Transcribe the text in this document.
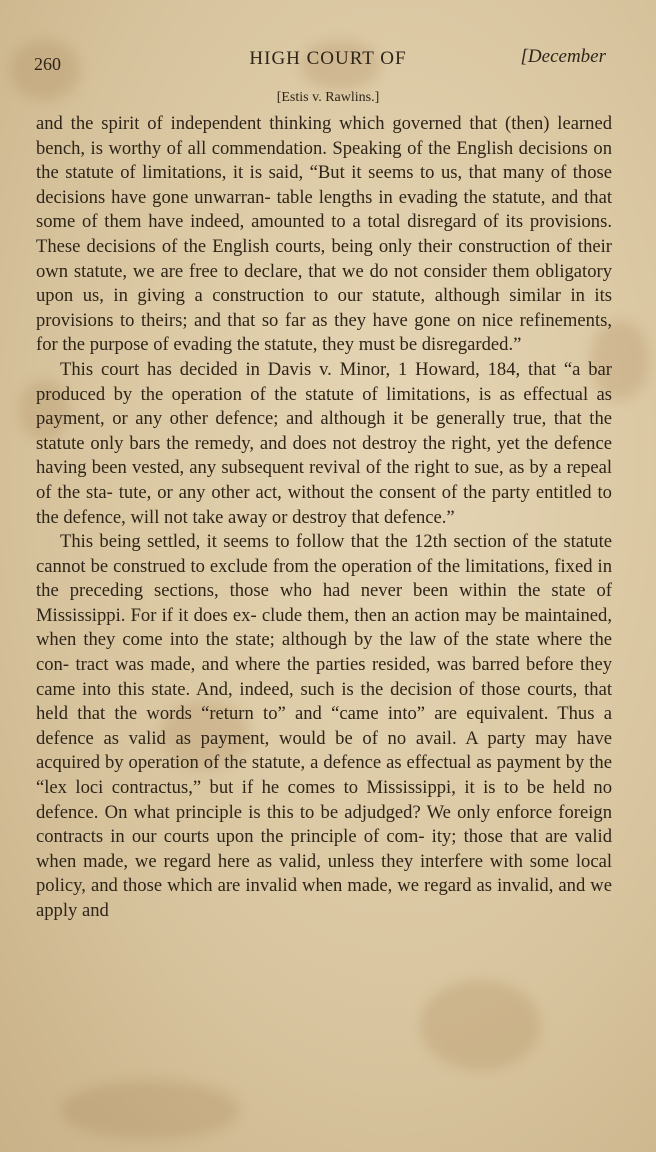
260	HIGH COURT OF	[December
[Estis v. Rawlins.]

and the spirit of independent thinking which governed that (then) learned bench, is worthy of all commendation. Speaking of the English decisions on the statute of limitations, it is said, “But it seems to us, that many of those decisions have gone unwarran- table lengths in evading the statute, and that some of them have indeed, amounted to a total disregard of its provisions. These decisions of the English courts, being only their construction of their own statute, we are free to declare, that we do not consider them obligatory upon us, in giving a construction to our statute, although similar in its provisions to theirs; and that so far as they have gone on nice refinements, for the purpose of evading the statute, they must be disregarded.”

This court has decided in Davis v. Minor, 1 Howard, 184, that “a bar produced by the operation of the statute of limitations, is as effectual as payment, or any other defence; and although it be generally true, that the statute only bars the remedy, and does not destroy the right, yet the defence having been vested, any subsequent revival of the right to sue, as by a repeal of the sta- tute, or any other act, without the consent of the party entitled to the defence, will not take away or destroy that defence.”

This being settled, it seems to follow that the 12th section of the statute cannot be construed to exclude from the operation of the limitations, fixed in the preceding sections, those who had never been within the state of Mississippi. For if it does ex- clude them, then an action may be maintained, when they come into the state; although by the law of the state where the con- tract was made, and where the parties resided, was barred before they came into this state. And, indeed, such is the decision of those courts, that held that the words “return to” and “came into” are equivalent. Thus a defence as valid as payment, would be of no avail. A party may have acquired by operation of the statute, a defence as effectual as payment by the “lex loci contractus,” but if he comes to Mississippi, it is to be held no defence. On what principle is this to be adjudged? We only enforce foreign contracts in our courts upon the principle of com- ity; those that are valid when made, we regard here as valid, unless they interfere with some local policy, and those which are invalid when made, we regard as invalid, and we apply and
